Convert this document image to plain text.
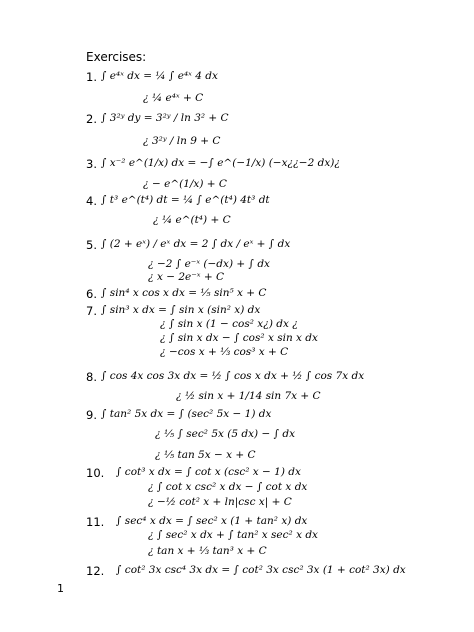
Exercises:
1. ∫ e⁴ˣ dx = ¼ ∫ e⁴ˣ 4 dx
¿ ¼ e⁴ˣ + C
2. ∫ 3²ʸ dy = 3²ʸ / ln 3² + C
¿ 3²ʸ / ln 9 + C
3. ∫ x⁻² e^(1/x) dx = −∫ e^(−1/x) (−x¿¿−2 dx)¿
¿ − e^(1/x) + C
4. ∫ t³ e^(t⁴) dt = ¼ ∫ e^(t⁴) 4t³ dt
¿ ¼ e^(t⁴) + C
5. ∫ (2 + eˣ) / eˣ dx = 2 ∫ dx / eˣ + ∫ dx
¿ −2 ∫ e⁻ˣ (−dx) + ∫ dx
¿ x − 2e⁻ˣ + C
6. ∫ sin⁴ x cos x dx = ⅕ sin⁵ x + C
7. ∫ sin³ x dx = ∫ sin x (sin² x) dx
¿ ∫ sin x (1 − cos² x¿) dx ¿
¿ ∫ sin x dx − ∫ cos² x sin x dx
¿ −cos x + ⅓ cos³ x + C
8. ∫ cos 4x cos 3x dx = ½ ∫ cos x dx + ½ ∫ cos 7x dx
¿ ½ sin x + 1/14 sin 7x + C
9. ∫ tan² 5x dx = ∫ (sec² 5x − 1) dx
¿ ⅕ ∫ sec² 5x (5 dx) − ∫ dx
¿ ⅕ tan 5x − x + C
10. ∫ cot³ x dx = ∫ cot x (csc² x − 1) dx
¿ ∫ cot x csc² x dx − ∫ cot x dx
¿ −½ cot² x + ln|csc x| + C
11. ∫ sec⁴ x dx = ∫ sec² x (1 + tan² x) dx
¿ ∫ sec² x dx + ∫ tan² x sec² x dx
¿ tan x + ⅓ tan³ x + C
12. ∫ cot² 3x csc⁴ 3x dx = ∫ cot² 3x csc² 3x (1 + cot² 3x) dx
1
